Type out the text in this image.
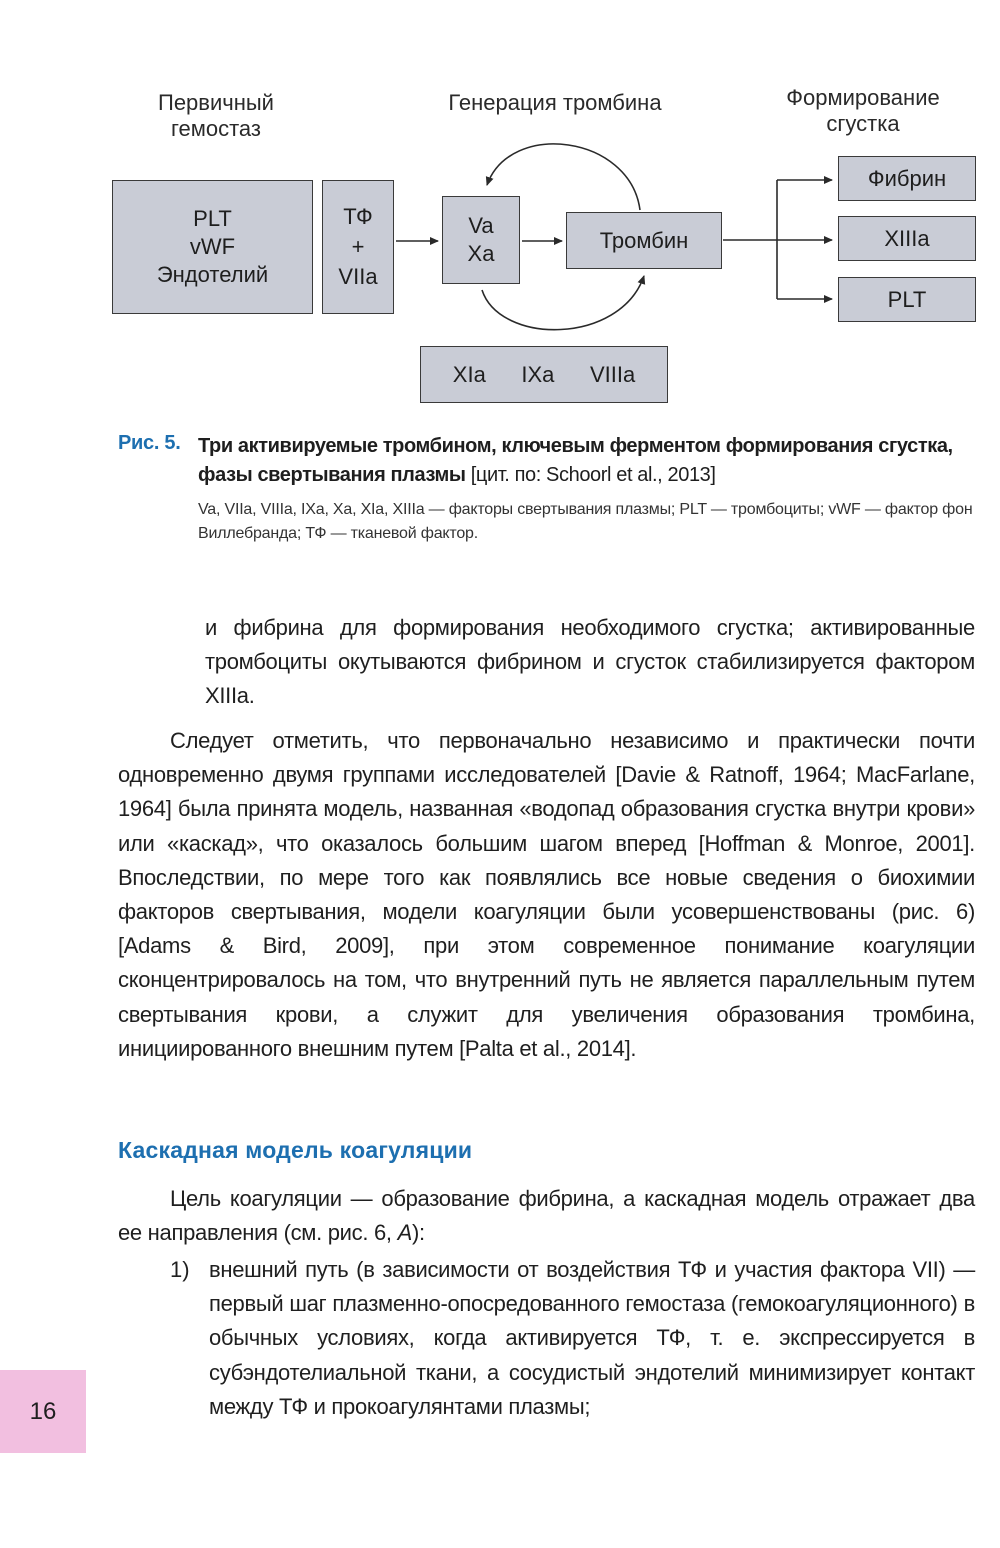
Первичный гемостаз
Генерация тромбина	Формирование сгустка
PLT
vWF
Эндотелий
ТФ
+
VIIa
Va
Xa
Тромбин
XIa IXa VIIIa
Фибрин
XIIIa
PLT
Рис. 5. Три активируемые тромбином, ключевым ферментом формирования сгустка, фазы свертывания плазмы [цит. по: Schoorl et al., 2013]
Va, VIIa, VIIIa, IXa, Xa, XIa, XIIIa — факторы свертывания плазмы; PLT — тромбоциты; vWF — фактор фон Виллебранда; ТФ — тканевой фактор.
и фибрина для формирования необходимого сгустка; активированные тромбоциты окутываются фибрином и сгусток стабилизируется фактором XIIIa.
Следует отметить, что первоначально независимо и практически почти одновременно двумя группами исследователей [Davie & Ratnoff, 1964; MacFarlane, 1964] была принята модель, названная «водопад образования сгустка внутри крови» или «каскад», что оказалось большим шагом вперед [Hoffman & Monroe, 2001]. Впоследствии, по мере того как появлялись все новые сведения о биохимии факторов свертывания, модели коагуляции были усовершенствованы (рис. 6) [Adams & Bird, 2009], при этом современное понимание коагуляции сконцентрировалось на том, что внутренний путь не является параллельным путем свертывания крови, а служит для увеличения образования тромбина, инициированного внешним путем [Palta et al., 2014].
Каскадная модель коагуляции
Цель коагуляции — образование фибрина, а каскадная модель отражает два ее направления (см. рис. 6, А):
1) внешний путь (в зависимости от воздействия ТФ и участия фактора VII) — первый шаг плазменно-опосредованного гемостаза (гемокоагуляционного) в обычных условиях, когда активируется ТФ, т. е. экспрессируется в субэндотелиальной ткани, а сосудистый эндотелий минимизирует контакт между ТФ и прокоагулянтами плазмы;
16
